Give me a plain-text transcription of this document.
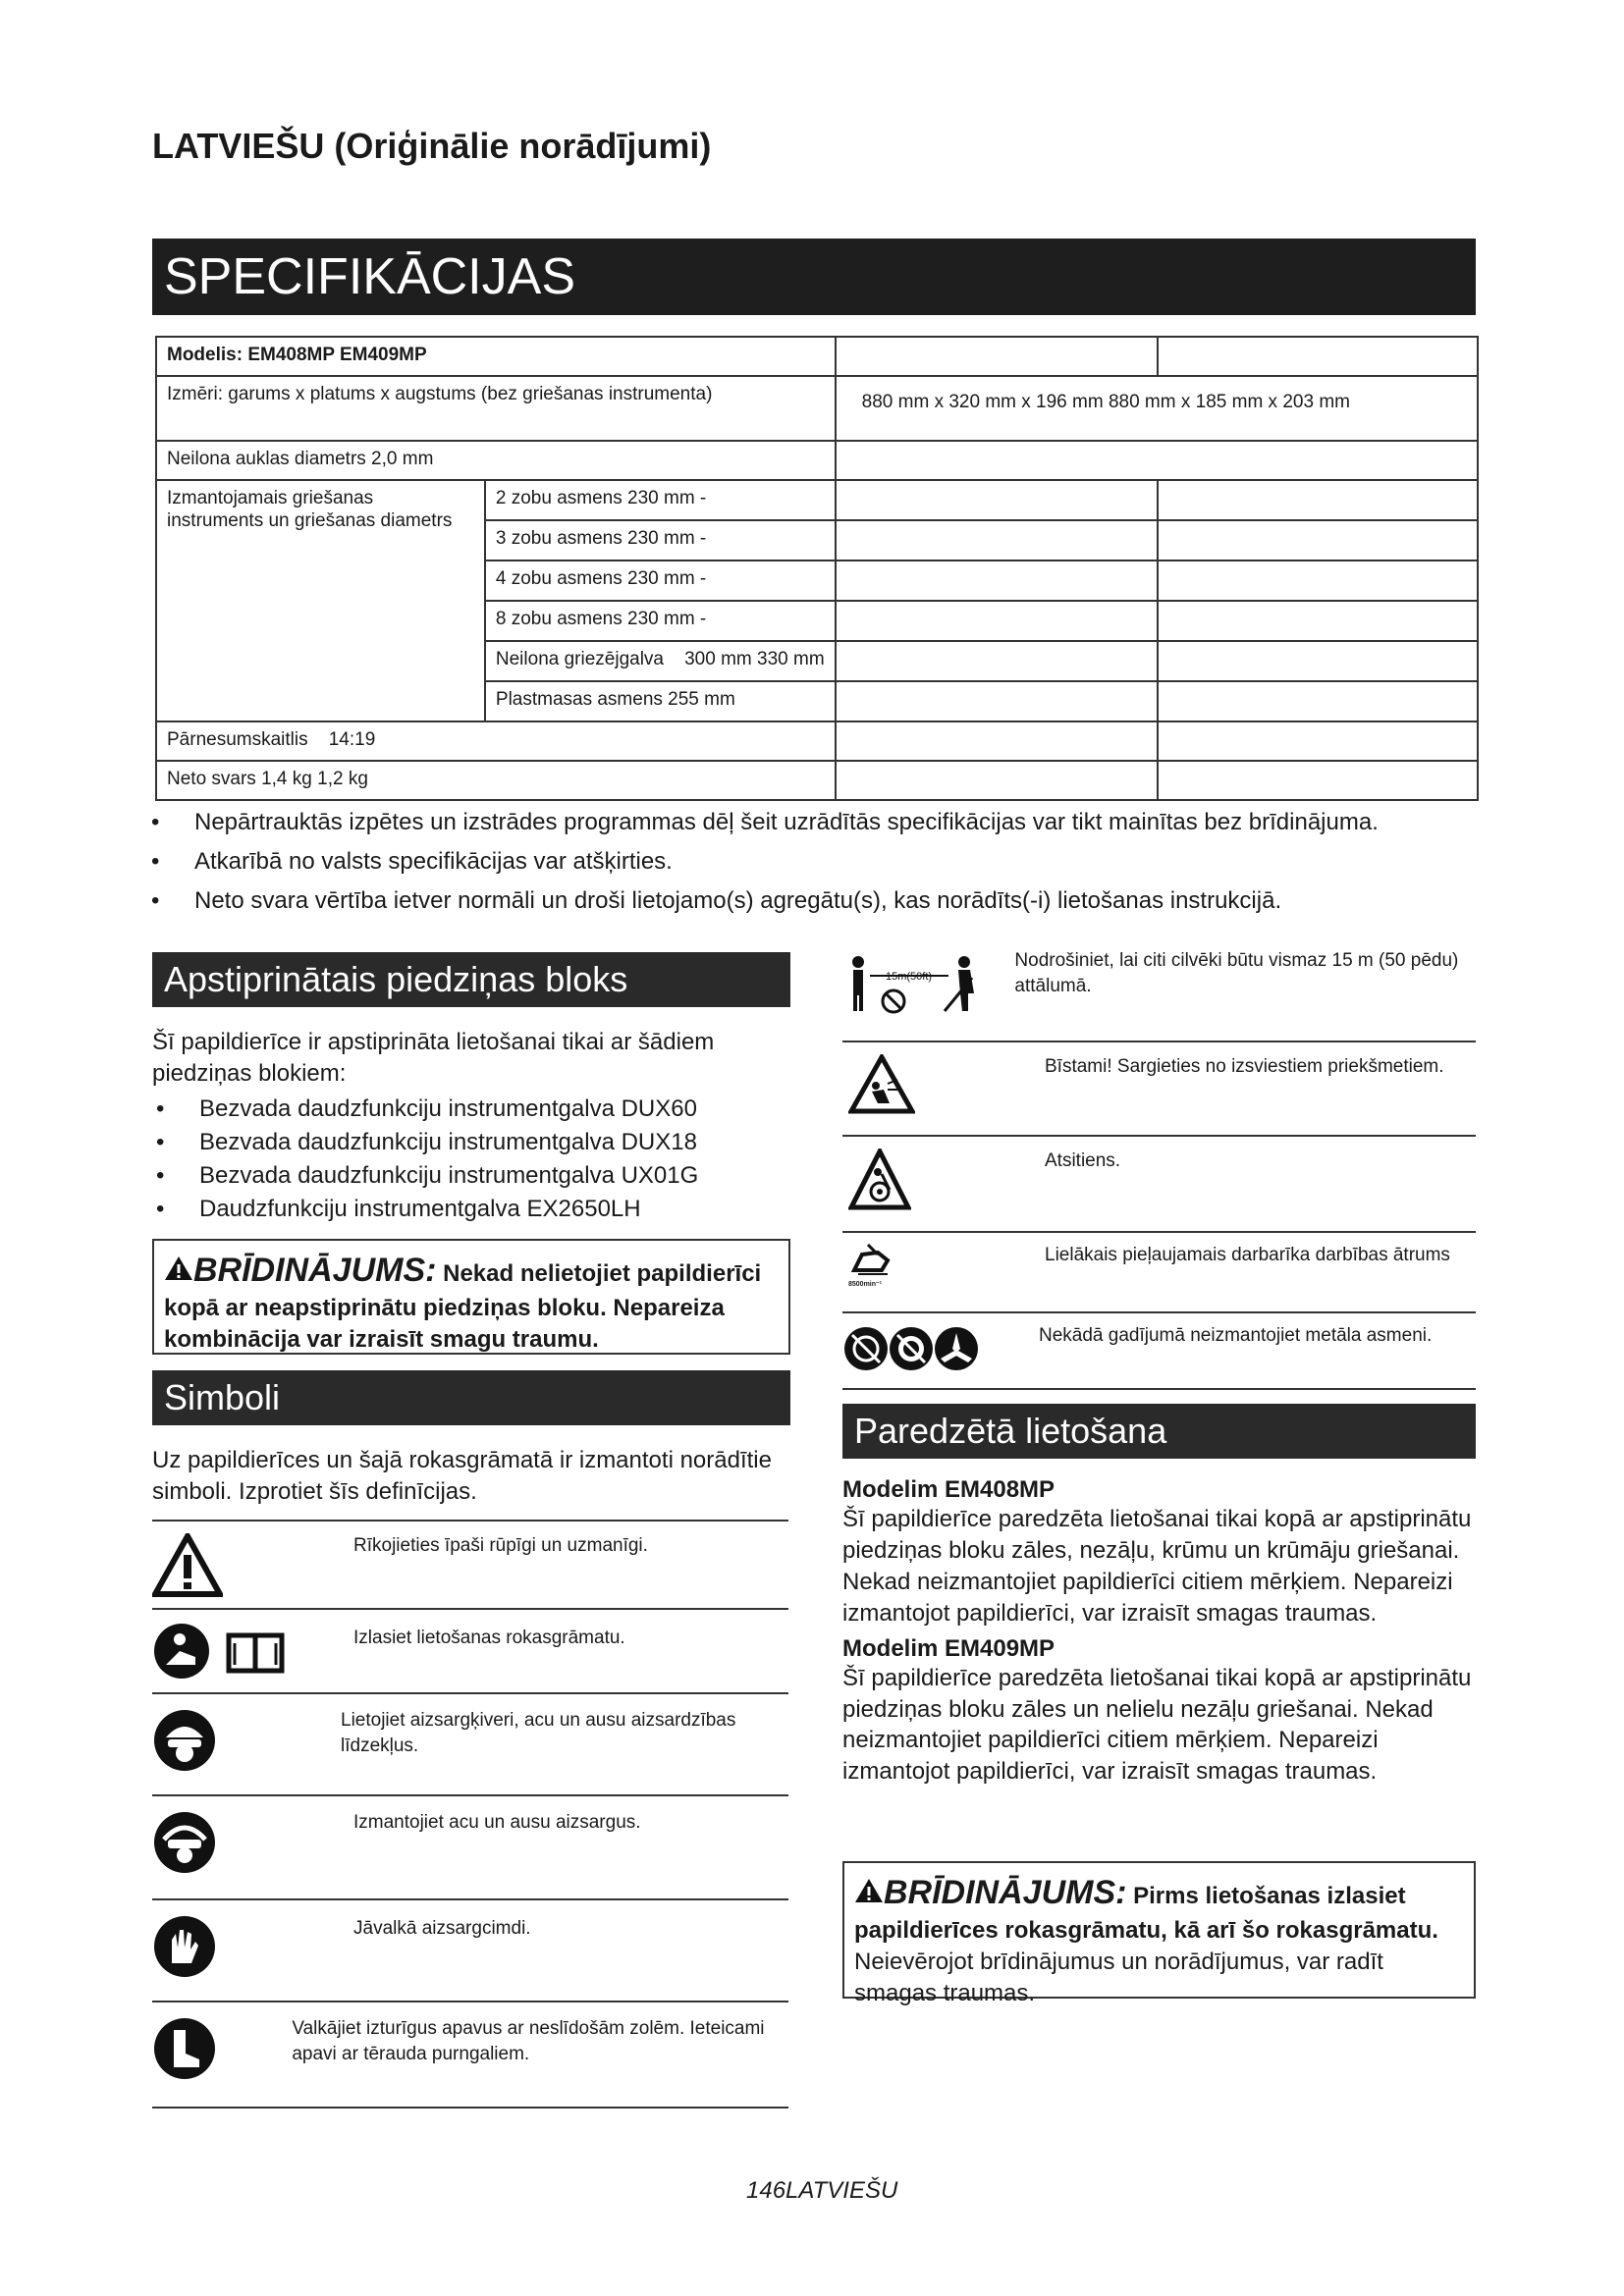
LATVIEŠU (Oriģinālie norādījumi)
SPECIFIKĀCIJAS
Modelis: EM408MP EM409MP			
Izmēri: garums x platums x augstums (bez griešanas instrumenta)		880 mm x 320 mm x 196 mm 880 mm x 185 mm x 203 mm	
Neilona auklas diametrs 2,0 mm			
Izmantojamais griešanas instruments un griešanas diametrs	2 zobu asmens 230 mm -		
	3 zobu asmens 230 mm -		
	4 zobu asmens 230 mm -		
	8 zobu asmens 230 mm -		
	Neilona griezējgalva    300 mm 330 mm		
	Plastmasas asmens 255 mm		
Pārnesumskaitlis    14:19			
Neto svars 1,4 kg 1,2 kg			
• Nepārtrauktās izpētes un izstrādes programmas dēļ šeit uzrādītās specifikācijas var tikt mainītas bez brīdinājuma.
• Atkarībā no valsts specifikācijas var atšķirties.
• Neto svara vērtība ietver normāli un droši lietojamo(s) agregātu(s), kas norādīts(-i) lietošanas instrukcijā.
Apstiprinātais piedziņas bloks
Šī papildierīce ir apstiprināta lietošanai tikai ar šādiem piedziņas blokiem:
• Bezvada daudzfunkciju instrumentgalva DUX60
• Bezvada daudzfunkciju instrumentgalva DUX18
• Bezvada daudzfunkciju instrumentgalva UX01G
• Daudzfunkciju instrumentgalva EX2650LH
BRĪDINĀJUMS: Nekad nelietojiet papildierīci kopā ar neapstiprinātu piedziņas bloku. Nepareiza kombinācija var izraisīt smagu traumu.
Simboli
Uz papildierīces un šajā rokasgrāmatā ir izmantoti norādītie simboli. Izprotiet šīs definīcijas.
Rīkojieties īpaši rūpīgi un uzmanīgi.
Izlasiet lietošanas rokasgrāmatu.
Lietojiet aizsargķiveri, acu un ausu aizsardzības līdzekļus.
Izmantojiet acu un ausu aizsargus.
Jāvalkā aizsargcimdi.
Valkājiet izturīgus apavus ar neslīdošām zolēm. Ieteicami apavi ar tērauda purngaliem.
15m(50ft)
Nodrošiniet, lai citi cilvēki būtu vismaz 15 m (50 pēdu) attālumā.
Bīstami! Sargieties no izsviestiem priekšmetiem.
Atsitiens.
8500min⁻¹
Lielākais pieļaujamais darbarīka darbības ātrums
Nekādā gadījumā neizmantojiet metāla asmeni.
Paredzētā lietošana
Modelim EM408MP
Šī papildierīce paredzēta lietošanai tikai kopā ar apstiprinātu piedziņas bloku zāles, nezāļu, krūmu un krūmāju griešanai. Nekad neizmantojiet papildierīci citiem mērķiem. Nepareizi izmantojot papildierīci, var izraisīt smagas traumas.
Modelim EM409MP
Šī papildierīce paredzēta lietošanai tikai kopā ar apstiprinātu piedziņas bloku zāles un nelielu nezāļu griešanai. Nekad neizmantojiet papildierīci citiem mērķiem. Nepareizi izmantojot papildierīci, var izraisīt smagas traumas.
BRĪDINĀJUMS: Pirms lietošanas izlasiet papildierīces rokasgrāmatu, kā arī šo rokasgrāmatu. Neievērojot brīdinājumus un norādījumus, var radīt smagas traumas.
146LATVIEŠU
